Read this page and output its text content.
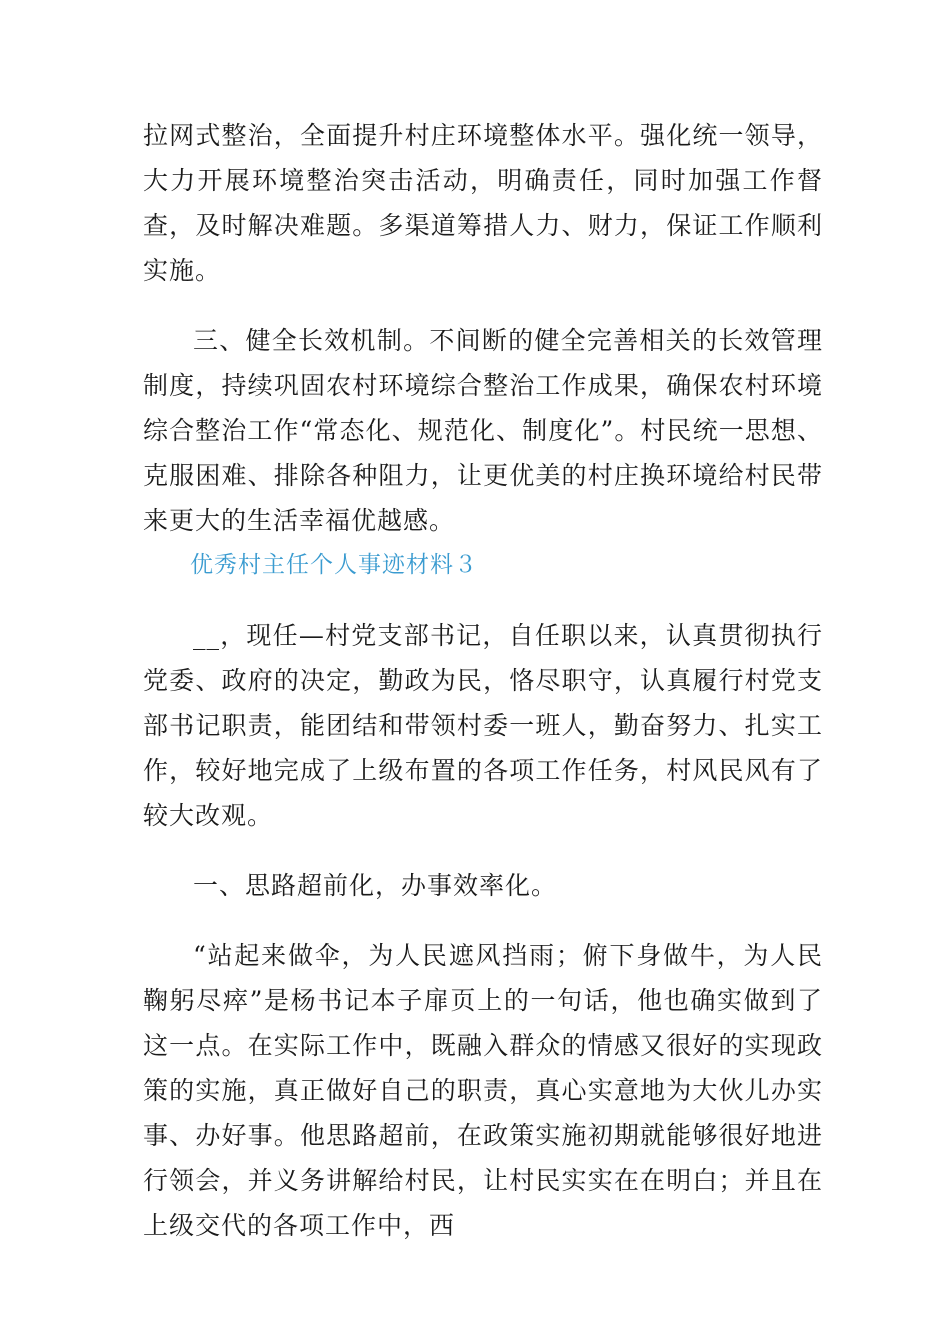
拉网式整治，全面提升村庄环境整体水平。强化统一领导，大力开展环境整治突击活动，明确责任，同时加强工作督查，及时解决难题。多渠道筹措人力、财力，保证工作顺利实施。

三、健全长效机制。不间断的健全完善相关的长效管理制度，持续巩固农村环境综合整治工作成果，确保农村环境综合整治工作“常态化、规范化、制度化”。村民统一思想、克服困难、排除各种阻力，让更优美的村庄换环境给村民带来更大的生活幸福优越感。

优秀村主任个人事迹材料３

__，现任—村党支部书记，自任职以来，认真贯彻执行党委、政府的决定，勤政为民，恪尽职守，认真履行村党支部书记职责，能团结和带领村委一班人，勤奋努力、扎实工作，较好地完成了上级布置的各项工作任务，村风民风有了较大改观。

一、思路超前化，办事效率化。

“站起来做伞，为人民遮风挡雨；俯下身做牛，为人民鞠躬尽瘁”是杨书记本子扉页上的一句话，他也确实做到了这一点。在实际工作中，既融入群众的情感又很好的实现政策的实施，真正做好自己的职责，真心实意地为大伙儿办实事、办好事。他思路超前，在政策实施初期就能够很好地进行领会，并义务讲解给村民，让村民实实在在明白；并且在上级交代的各项工作中，西
